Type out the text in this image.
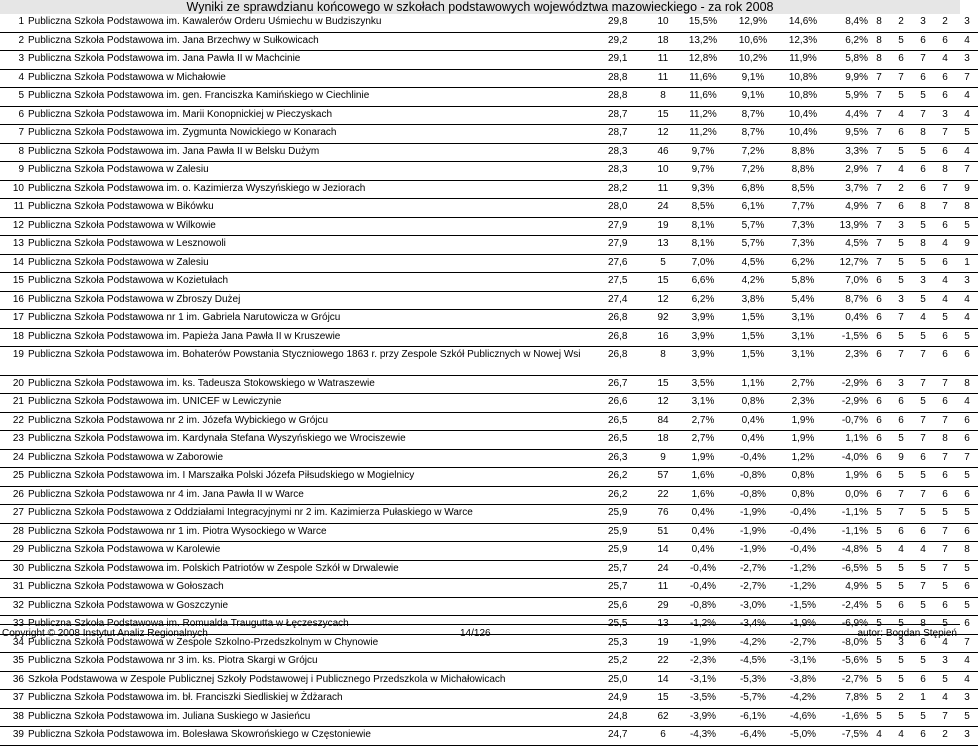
Wyniki ze sprawdzianu końcowego w szkołach podstawowych województwa mazowieckiego - za rok 2008
1	Publiczna Szkoła Podstawowa im. Kawalerów Orderu Uśmiechu w Budziszynku	29,8	10	15,5%	12,9%	14,6%	8,4%	8	2	3	2	3
2	Publiczna Szkoła Podstawowa im. Jana Brzechwy w Sułkowicach	29,2	18	13,2%	10,6%	12,3%	6,2%	8	5	6	6	4
3	Publiczna Szkoła Podstawowa im. Jana Pawła II w Machcinie	29,1	11	12,8%	10,2%	11,9%	5,8%	8	6	7	4	3
4	Publiczna Szkoła Podstawowa w Michałowie	28,8	11	11,6%	9,1%	10,8%	9,9%	7	7	6	6	7
5	Publiczna Szkoła Podstawowa im. gen. Franciszka Kamińskiego w Ciechlinie	28,8	8	11,6%	9,1%	10,8%	5,9%	7	5	5	6	4
6	Publiczna Szkoła Podstawowa im. Marii Konopnickiej w Pieczyskach	28,7	15	11,2%	8,7%	10,4%	4,4%	7	4	7	3	4
7	Publiczna Szkoła Podstawowa im. Zygmunta Nowickiego w Konarach	28,7	12	11,2%	8,7%	10,4%	9,5%	7	6	8	7	5
8	Publiczna Szkoła Podstawowa im. Jana Pawła II w Belsku Dużym	28,3	46	9,7%	7,2%	8,8%	3,3%	7	5	5	6	4
9	Publiczna Szkoła Podstawowa w Zalesiu	28,3	10	9,7%	7,2%	8,8%	2,9%	7	4	6	8	7
10	Publiczna Szkoła Podstawowa im. o. Kazimierza Wyszyńskiego w Jeziorach	28,2	11	9,3%	6,8%	8,5%	3,7%	7	2	6	7	9
11	Publiczna Szkoła Podstawowa w Bikówku	28,0	24	8,5%	6,1%	7,7%	4,9%	7	6	8	7	8
12	Publiczna Szkoła Podstawowa w Wilkowie	27,9	19	8,1%	5,7%	7,3%	13,9%	7	3	5	6	5
13	Publiczna Szkoła Podstawowa w Lesznowoli	27,9	13	8,1%	5,7%	7,3%	4,5%	7	5	8	4	9
14	Publiczna Szkoła Podstawowa w Zalesiu	27,6	5	7,0%	4,5%	6,2%	12,7%	7	5	5	6	1
15	Publiczna Szkoła Podstawowa w Kozietułach	27,5	15	6,6%	4,2%	5,8%	7,0%	6	5	3	4	3
16	Publiczna Szkoła Podstawowa w Zbroszy Dużej	27,4	12	6,2%	3,8%	5,4%	8,7%	6	3	5	4	4
17	Publiczna Szkoła Podstawowa nr 1 im. Gabriela Narutowicza w Grójcu	26,8	92	3,9%	1,5%	3,1%	0,4%	6	7	4	5	4
18	Publiczna Szkoła Podstawowa im. Papieża Jana Pawła II w Kruszewie	26,8	16	3,9%	1,5%	3,1%	-1,5%	6	5	5	6	5
19	Publiczna Szkoła Podstawowa im. Bohaterów Powstania Styczniowego 1863 r. przy Zespole Szkół Publicznych w Nowej Wsi	26,8	8	3,9%	1,5%	3,1%	2,3%	6	7	7	6	6
20	Publiczna Szkoła Podstawowa im. ks. Tadeusza Stokowskiego w Watraszewie	26,7	15	3,5%	1,1%	2,7%	-2,9%	6	3	7	7	8
21	Publiczna Szkoła Podstawowa im. UNICEF w Lewiczynie	26,6	12	3,1%	0,8%	2,3%	-2,9%	6	6	5	6	4
22	Publiczna Szkoła Podstawowa nr 2 im. Józefa Wybickiego w Grójcu	26,5	84	2,7%	0,4%	1,9%	-0,7%	6	6	7	7	6
23	Publiczna Szkoła Podstawowa im. Kardynała Stefana Wyszyńskiego we Wrociszewie	26,5	18	2,7%	0,4%	1,9%	1,1%	6	5	7	8	6
24	Publiczna Szkoła Podstawowa w Zaborowie	26,3	9	1,9%	-0,4%	1,2%	-4,0%	6	9	6	7	7
25	Publiczna Szkoła Podstawowa im. I Marszałka Polski Józefa Piłsudskiego w Mogielnicy	26,2	57	1,6%	-0,8%	0,8%	1,9%	6	5	5	6	5
26	Publiczna Szkoła Podstawowa nr 4 im. Jana Pawła II w Warce	26,2	22	1,6%	-0,8%	0,8%	0,0%	6	7	7	6	6
27	Publiczna Szkoła Podstawowa z Oddziałami Integracyjnymi nr 2 im. Kazimierza Pułaskiego w Warce	25,9	76	0,4%	-1,9%	-0,4%	-1,1%	5	7	5	5	5
28	Publiczna Szkoła Podstawowa nr 1 im. Piotra Wysockiego w Warce	25,9	51	0,4%	-1,9%	-0,4%	-1,1%	5	6	6	7	6
29	Publiczna Szkoła Podstawowa w Karolewie	25,9	14	0,4%	-1,9%	-0,4%	-4,8%	5	4	4	7	8
30	Publiczna Szkoła Podstawowa im. Polskich Patriotów w Zespole Szkół w Drwalewie	25,7	24	-0,4%	-2,7%	-1,2%	-6,5%	5	5	5	7	5
31	Publiczna Szkoła Podstawowa w Gołoszach	25,7	11	-0,4%	-2,7%	-1,2%	4,9%	5	5	7	5	6
32	Publiczna Szkoła Podstawowa w Goszczynie	25,6	29	-0,8%	-3,0%	-1,5%	-2,4%	5	6	5	6	5
33	Publiczna Szkoła Podstawowa im. Romualda Traugutta w Łęczeszycach	25,5	13	-1,2%	-3,4%	-1,9%	-6,9%	5	5	8	5	6
34	Publiczna Szkoła Podstawowa w Zespole Szkolno-Przedszkolnym w Chynowie	25,3	19	-1,9%	-4,2%	-2,7%	-8,0%	5	3	6	4	7
35	Publiczna Szkoła Podstawowa nr 3 im. ks. Piotra Skargi w Grójcu	25,2	22	-2,3%	-4,5%	-3,1%	-5,6%	5	5	5	3	4
36	Szkoła Podstawowa w Zespole Publicznej Szkoły Podstawowej i Publicznego Przedszkola w Michałowicach	25,0	14	-3,1%	-5,3%	-3,8%	-2,7%	5	5	6	5	4
37	Publiczna Szkoła Podstawowa im. bł. Franciszki Siedliskiej w Żdżarach	24,9	15	-3,5%	-5,7%	-4,2%	7,8%	5	2	1	4	3
38	Publiczna Szkoła Podstawowa im. Juliana Suskiego w Jasieńcu	24,8	62	-3,9%	-6,1%	-4,6%	-1,6%	5	5	5	7	5
39	Publiczna Szkoła Podstawowa im. Bolesława Skowrońskiego w Częstoniewie	24,7	6	-4,3%	-6,4%	-5,0%	-7,5%	4	4	6	2	3
Copyright © 2008 Instytut Analiz Regionalnych	14/126	autor: Bogdan Stępień
